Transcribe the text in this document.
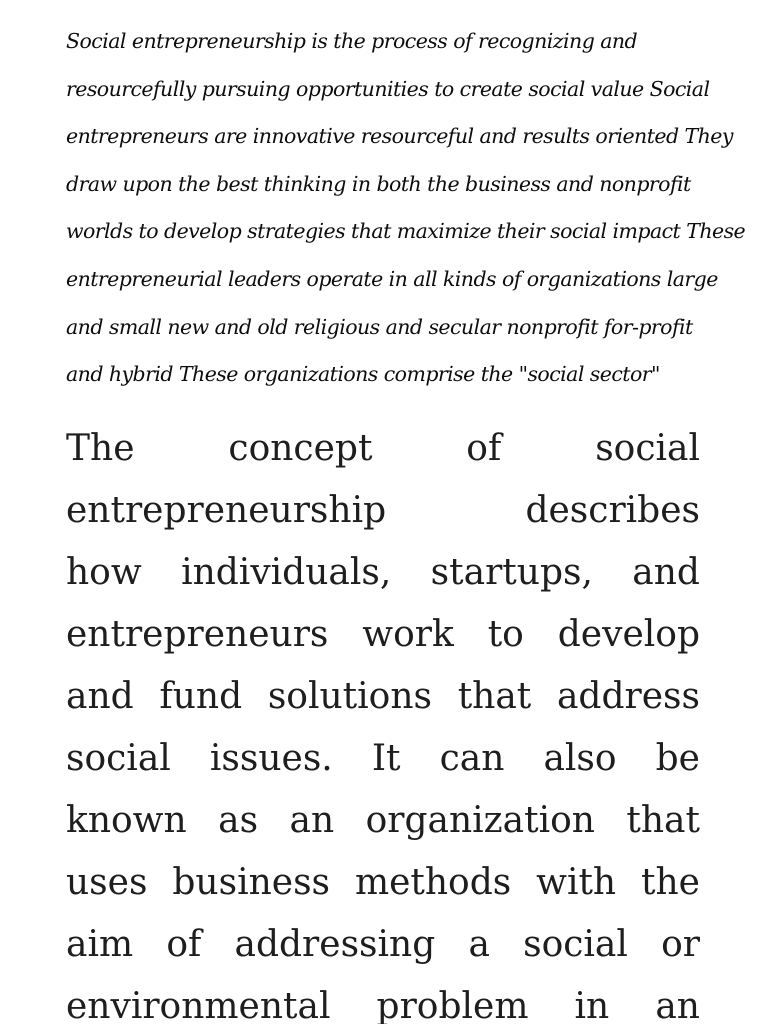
Social entrepreneurship is the process of recognizing and
resourcefully pursuing opportunities to create social value Social
entrepreneurs are innovative resourceful and results oriented They
draw upon the best thinking in both the business and nonprofit
worlds to develop strategies that maximize their social impact These
entrepreneurial leaders operate in all kinds of organizations large
and small new and old religious and secular nonprofit for-profit
and hybrid These organizations comprise the "social sector"
The	concept	of	social
entrepreneurship	describes
how individuals, startups, and
entrepreneurs work to develop
and fund solutions that address
social issues. It can also be
known as an organization that
uses business methods with the
aim of addressing a social or
environmental problem in an
